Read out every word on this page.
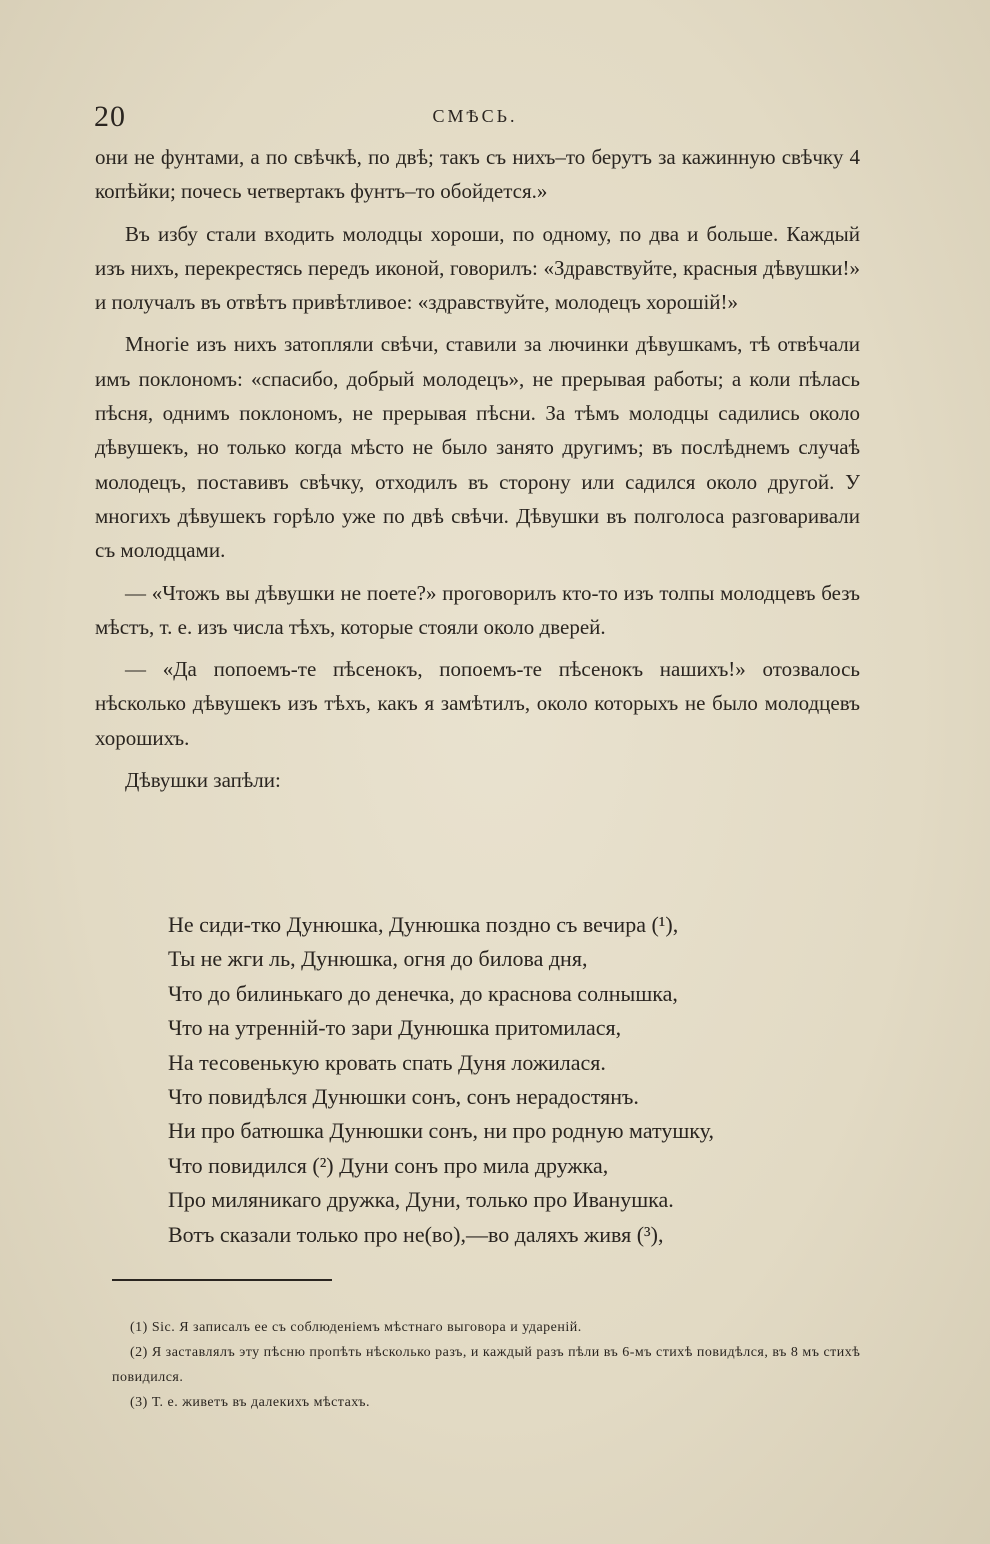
20	СМѢСЬ.

они не фунтами, а по свѣчкѣ, по двѣ; такъ съ нихъ–то берутъ за кажинную свѣчку 4 копѣйки; почесь четвертакъ фунтъ–то обойдется.»

Въ избу стали входить молодцы хороши, по одному, по два и больше. Каждый изъ нихъ, перекрестясь передъ иконой, говорилъ: «Здравствуйте, красныя дѣвушки!» и получалъ въ отвѣтъ привѣтливое: «здравствуйте, молодецъ хорошій!»

Многіе изъ нихъ затопляли свѣчи, ставили за лючинки дѣвушкамъ, тѣ отвѣчали имъ поклономъ: «спасибо, добрый молодецъ», не прерывая работы; а коли пѣлась пѣсня, однимъ поклономъ, не прерывая пѣсни. За тѣмъ молодцы садились около дѣвушекъ, но только когда мѣсто не было занято другимъ; въ послѣднемъ случаѣ молодецъ, поставивъ свѣчку, отходилъ въ сторону или садился около другой. У многихъ дѣвушекъ горѣло уже по двѣ свѣчи. Дѣвушки въ полголоса разговаривали съ молодцами.

— «Чтожъ вы дѣвушки не поете?» проговорилъ кто-то изъ толпы молодцевъ безъ мѣстъ, т. е. изъ числа тѣхъ, которые стояли около дверей.

— «Да попоемъ-те пѣсенокъ, попоемъ-те пѣсенокъ нашихъ!» отозвалось нѣсколько дѣвушекъ изъ тѣхъ, какъ я замѣтилъ, около которыхъ не было молодцевъ хорошихъ.

Дѣвушки запѣли:

Не сиди-тко Дунюшка, Дунюшка поздно съ вечира (¹),
Ты не жги ль, Дунюшка, огня до билова дня,
Что до билинькаго до денечка, до краснова солнышка,
Что на утренній-то зари Дунюшка притомилася,
На тесовенькую кровать спать Дуня ложилася.
Что повидѣлся Дунюшки сонъ, сонъ нерадостянъ.
Ни про батюшка Дунюшки сонъ, ни про родную матушку,
Что повидился (²) Дуни сонъ про мила дружка,
Про миляникаго дружка, Дуни, только про Иванушка.
Вотъ сказали только про не(во),—во даляхъ живя (³),

(1) Sic. Я записалъ ее съ соблюденіемъ мѣстнаго выговора и удареній.

(2) Я заставлялъ эту пѣсню пропѣть нѣсколько разъ, и каждый разъ пѣли въ 6-мъ стихѣ повидѣлся, въ 8 мъ стихѣ повидился.

(3) Т. е. живетъ въ далекихъ мѣстахъ.
